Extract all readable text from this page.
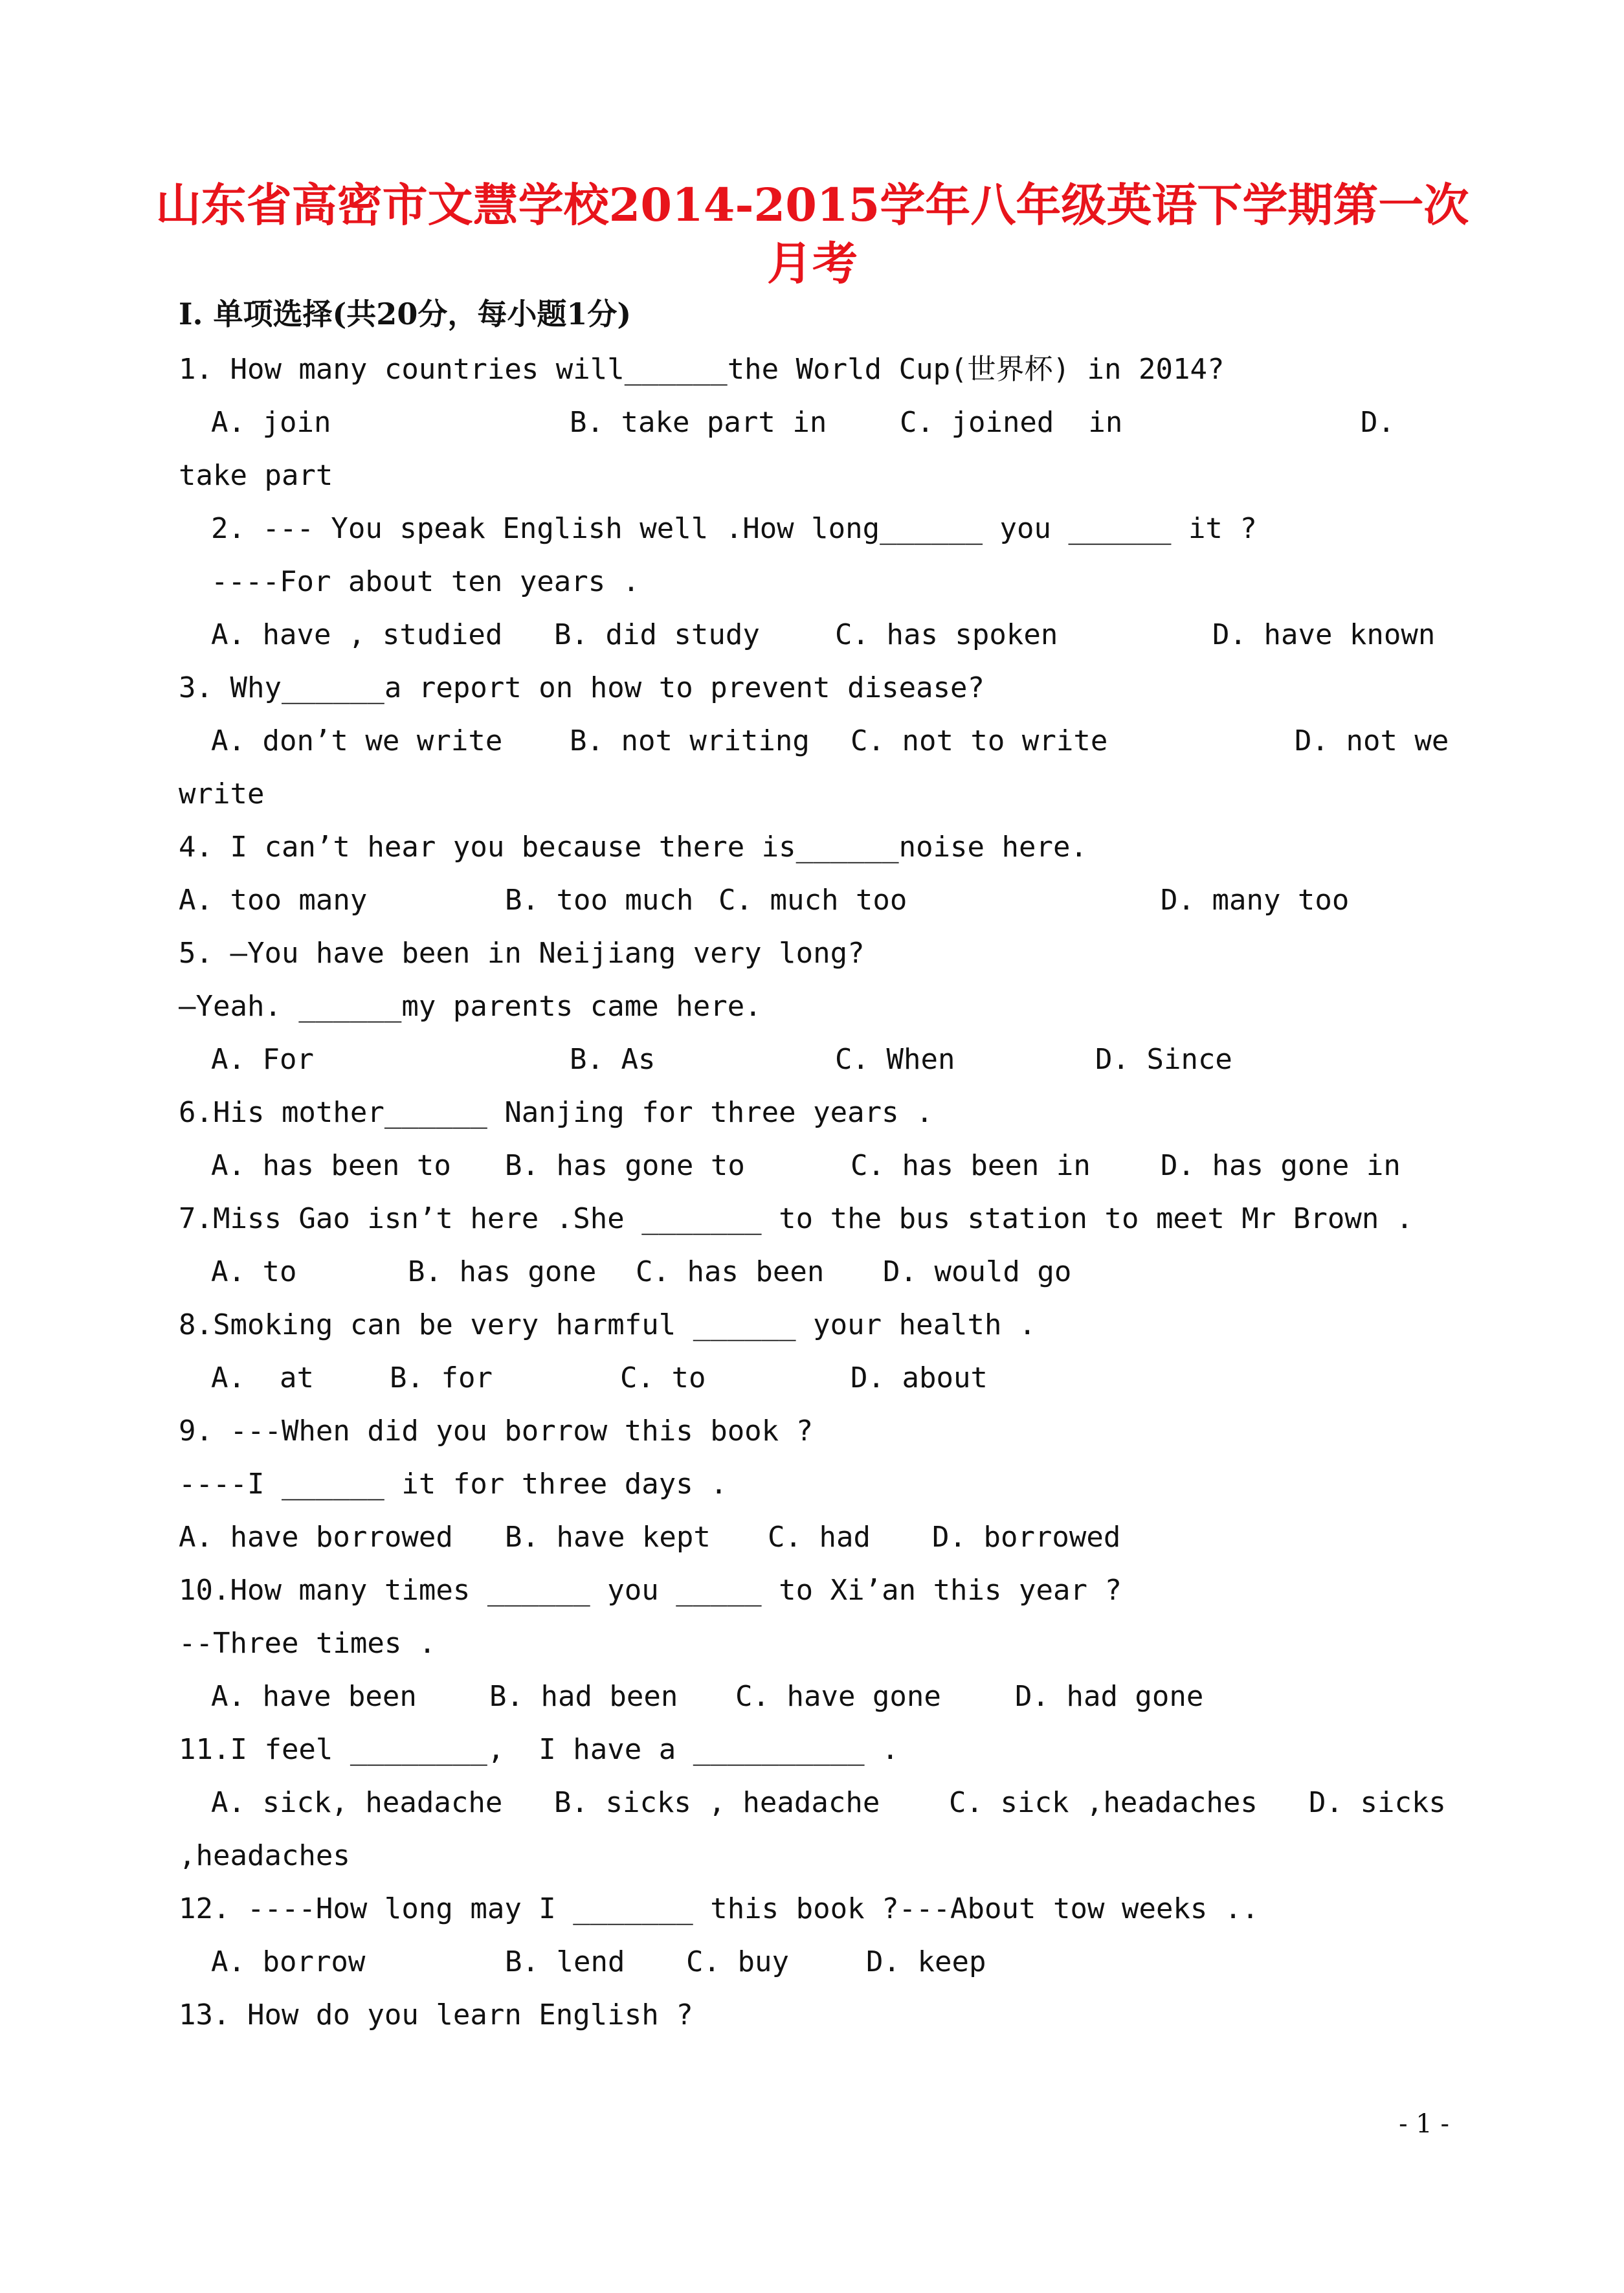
山东省高密市文慧学校2014-2015学年八年级英语下学期第一次
月考
I. 单项选择(共20分，每小题1分)
1. How many countries will______the World Cup(世界杯) in 2014?
A. join	B. take part in	C. joined  in	D.
take part
2. --- You speak English well .How long______ you ______ it ?
----For about ten years .
A. have , studied B. did study	C. has spoken	D. have known
3. Why______a report on how to prevent disease?
A. don’t we write B. not writing C. not to write	D. not we
write
4. I can’t hear you because there is______noise here.
A. too many	B. too much C. much too	D. many too
5. —You have been in Neijiang very long?
—Yeah. ______my parents came here.
A. For	B. As	C. When	D. Since
6.His mother______ Nanjing for three years .
A. has been to B. has gone to	C. has been in D. has gone in
7.Miss Gao isn’t here .She _______ to the bus station to meet Mr Brown .
A. to	B. has gone C. has been D. would go
8.Smoking can be very harmful ______ your health .
A.  at	B. for	C. to	D. about
9. ---When did you borrow this book ?
----I ______ it for three days .
A. have borrowed B. have kept C. had D. borrowed
10.How many times ______ you _____ to Xi’an this year ?
--Three times .
A. have been	B. had been C. have gone	D. had gone
11.I feel ________,  I have a __________ .
A. sick, headache B. sicks , headache C. sick ,headaches D. sicks
,headaches
12. ----How long may I _______ this book ?---About tow weeks ..
A. borrow	B. lend C. buy	D. keep
13. How do you learn English ?
- 1 -
